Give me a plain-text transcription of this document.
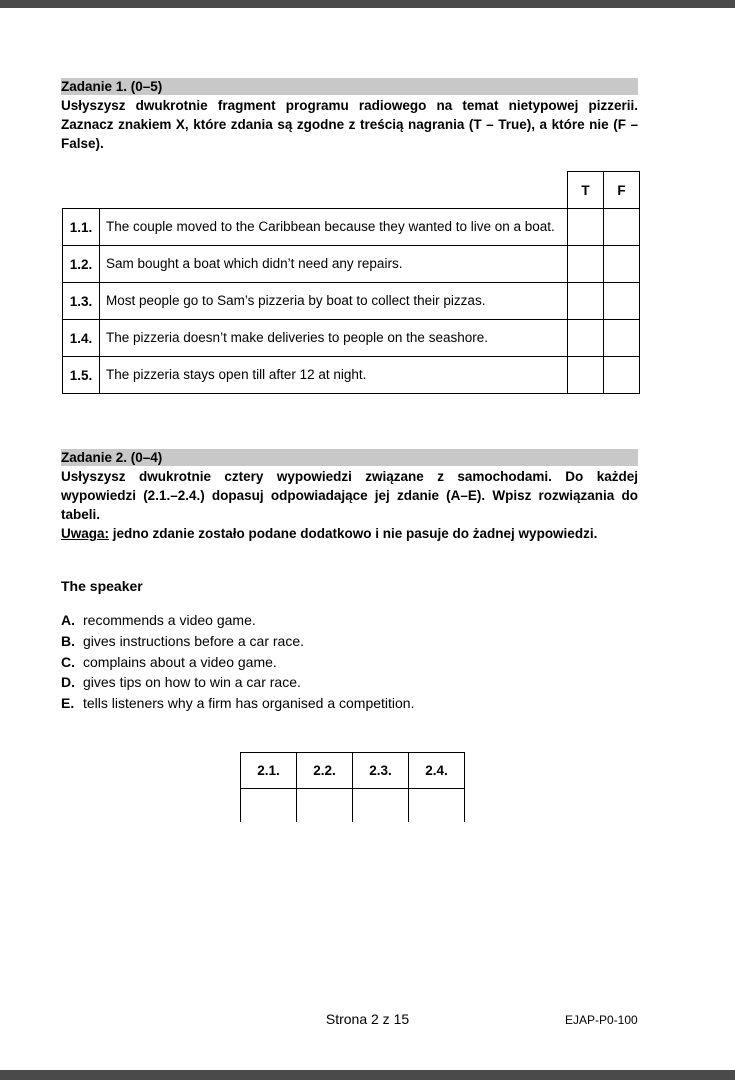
Zadanie 1. (0–5)

Usłyszysz dwukrotnie fragment programu radiowego na temat nietypowej pizzerii. Zaznacz znakiem X, które zdania są zgodne z treścią nagrania (T – True), a które nie (F – False).

		T	F
1.1.	The couple moved to the Caribbean because they wanted to live on a boat.		
1.2.	Sam bought a boat which didn’t need any repairs.		
1.3.	Most people go to Sam’s pizzeria by boat to collect their pizzas.		
1.4.	The pizzeria doesn’t make deliveries to people on the seashore.		
1.5.	The pizzeria stays open till after 12 at night.		
Zadanie 2. (0–4)

Usłyszysz dwukrotnie cztery wypowiedzi związane z samochodami. Do każdej wypowiedzi (2.1.–2.4.) dopasuj odpowiadające jej zdanie (A–E). Wpisz rozwiązania do tabeli.

Uwaga: jedno zdanie zostało podane dodatkowo i nie pasuje do żadnej wypowiedzi.

The speaker
A. recommends a video game.
B. gives instructions before a car race.
C. complains about a video game.
D. gives tips on how to win a car race.
E. tells listeners why a firm has organised a competition.
2.1.	2.2.	2.3.	2.4.

Strona 2 z 15	EJAP-P0-100
